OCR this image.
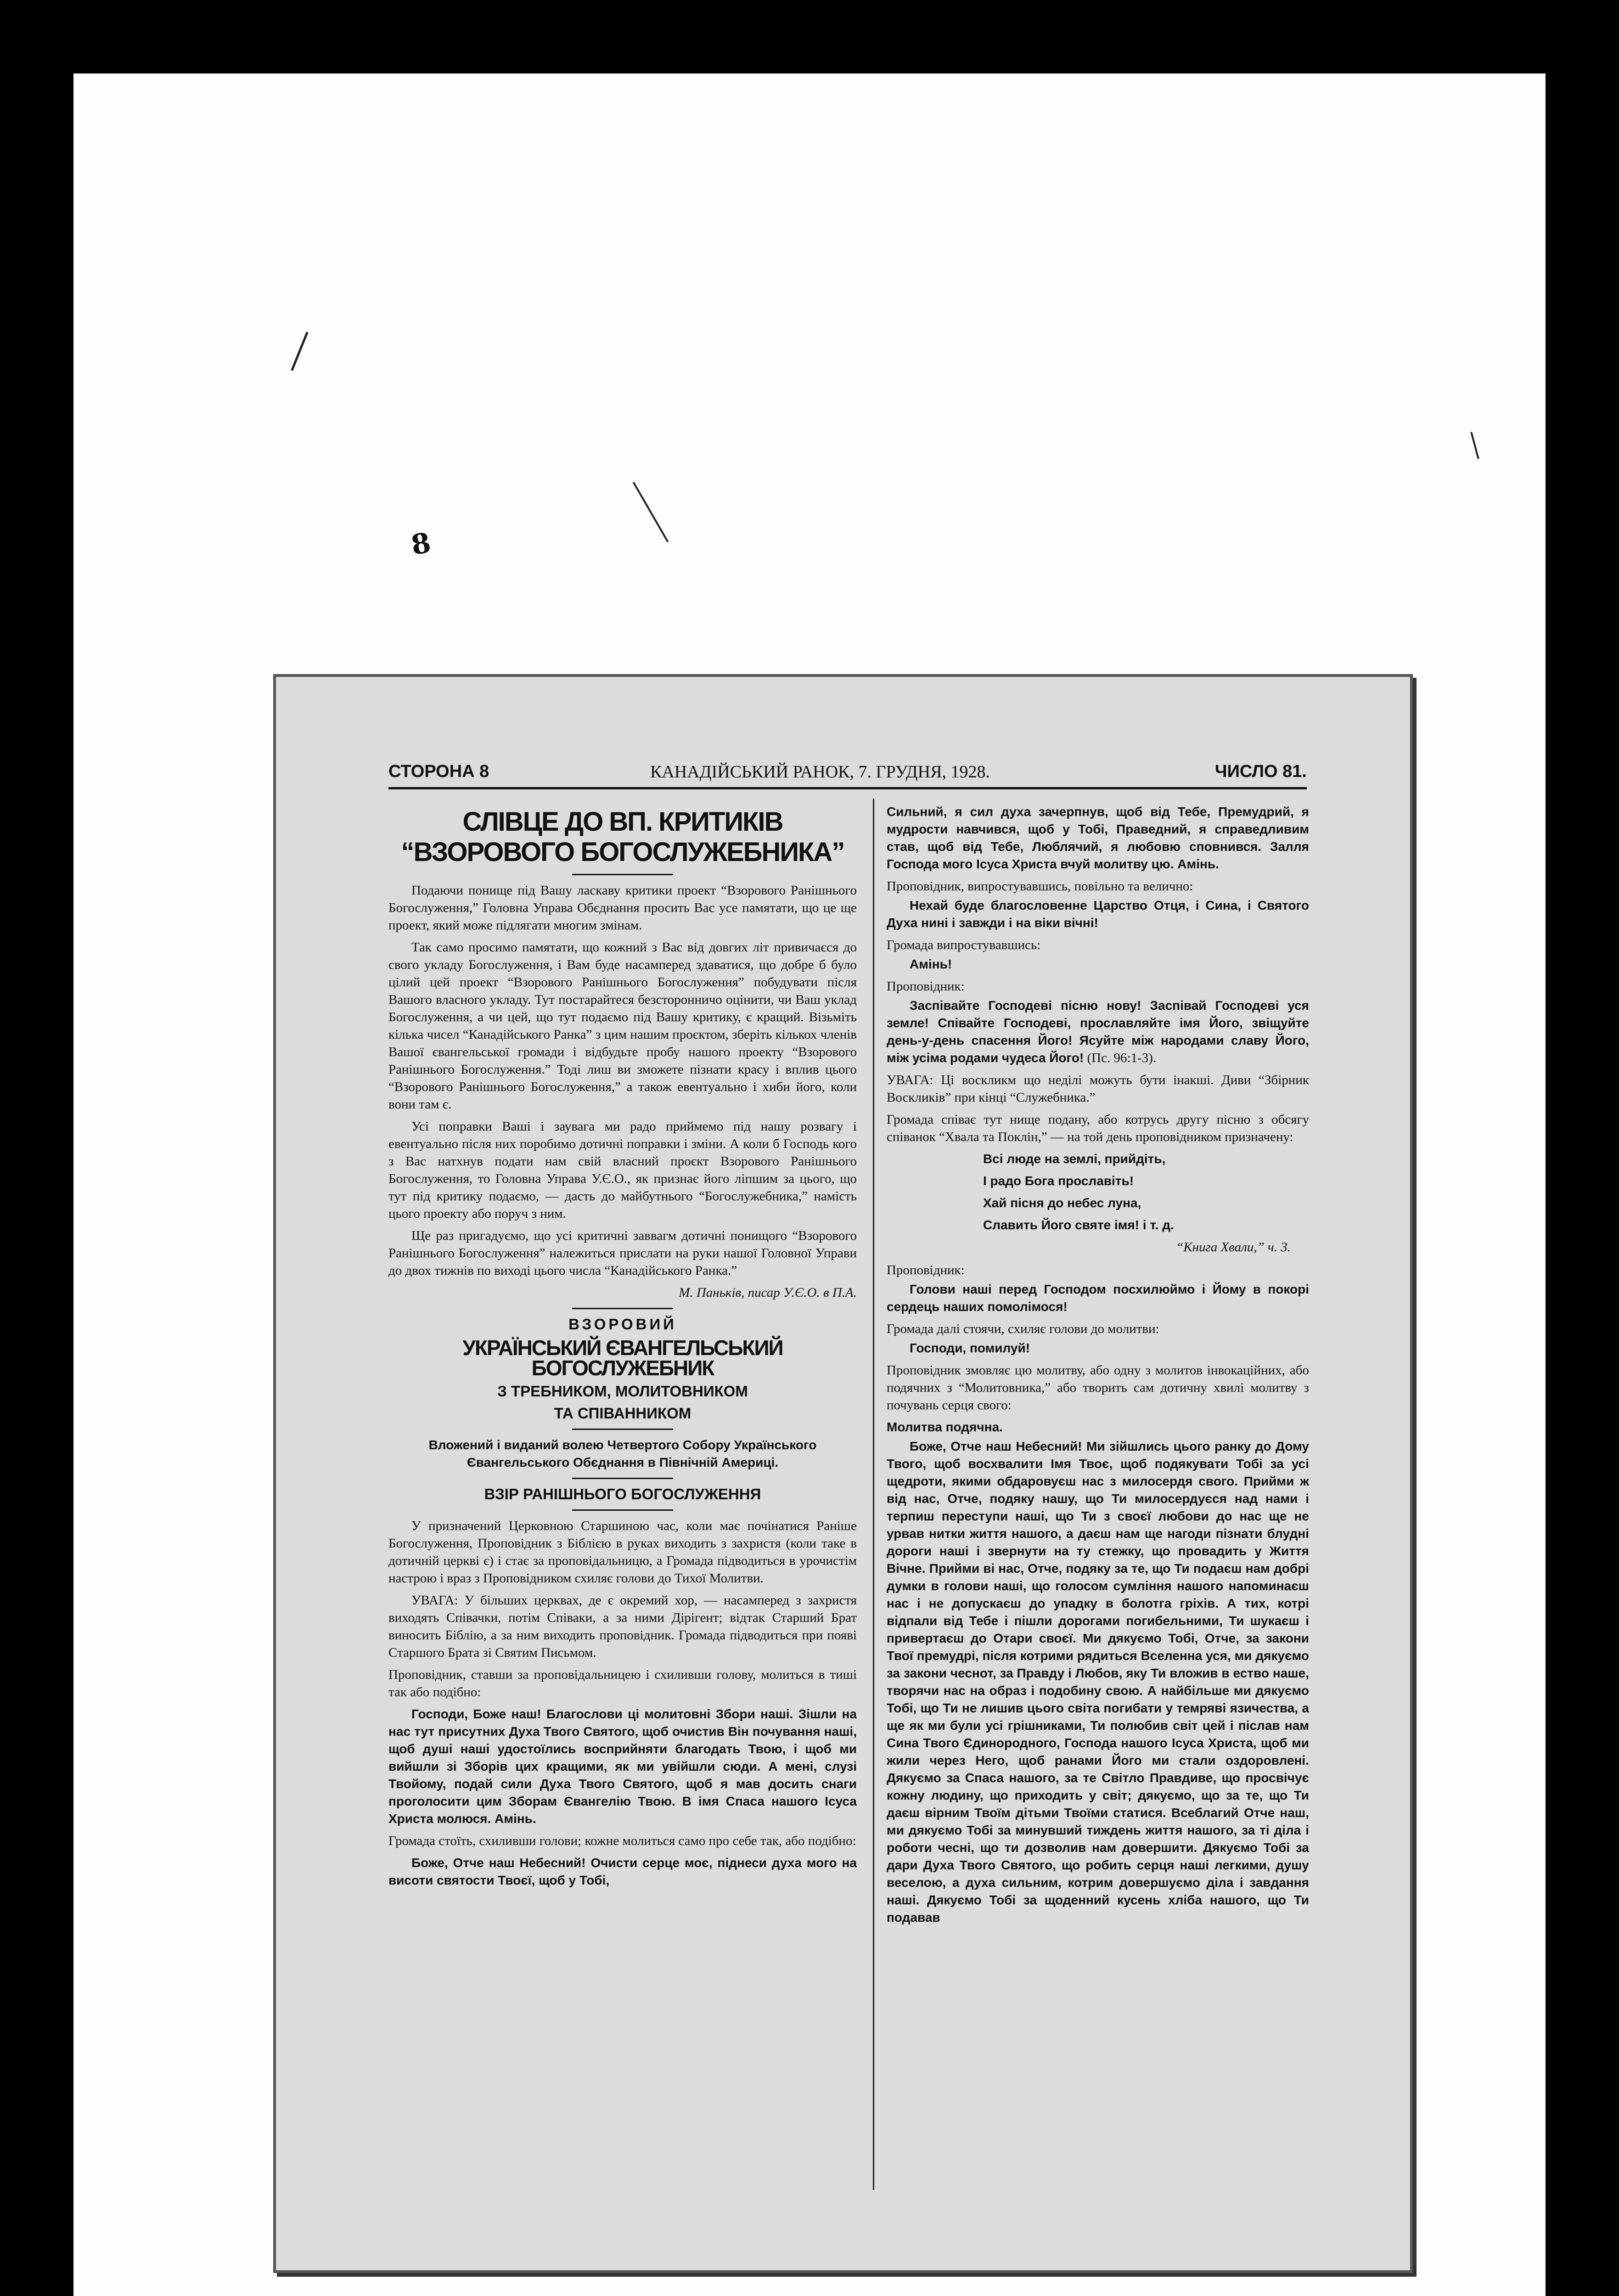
8
СТОРОНА 8	КАНАДІЙСЬКИЙ РАНОК, 7. ГРУДНЯ, 1928.	ЧИСЛО 81.
СЛІВЦЕ ДО ВП. КРИТИКІВ “ВЗОРОВОГО БОГОСЛУЖЕБНИКА”

Подаючи понище під Вашу ласкаву критики проект “Взорового Ранішнього Богослуження,” Головна Управа Обєднання просить Вас усе памятати, що це ще проект, який може підлягати многим змінам.

Так само просимо памятати, що кожний з Вас від довгих літ привичаєся до свого укладу Богослуження, і Вам буде насамперед здаватися, що добре б було цілий цей проект “Взорового Ранішнього Богослуження” побудувати після Вашого власного укладу. Тут постарайтеся безсторонничо оцінити, чи Ваш уклад Богослуження, а чи цей, що тут подаємо під Вашу критику, є кращий. Візьміть кілька чисел “Канадійського Ранка” з цим нашим проєктом, зберіть кількох членів Вашої євангельської громади і відбудьте пробу нашого проекту “Взорового Ранішнього Богослуження.” Тоді лиш ви зможете пізнати красу і вплив цього “Взорового Ранішнього Богослуження,” а також евентуально і хиби його, коли вони там є.

Усі поправки Ваші і заувага ми радо приймемо під нашу розвагу і евентуально після них поробимо дотичні поправки і зміни. А коли б Господь кого з Вас натхнув подати нам свій власний проєкт Взорового Ранішнього Богослуження, то Головна Управа У.Є.О., як признає його ліпшим за цього, що тут під критику подаємо, — дасть до майбутнього “Богослужебника,” намість цього проекту або поруч з ним.

Ще раз пригадуємо, що усі критичні заввагм дотичні понищого “Взорового Ранішнього Богослуження” належиться прислати на руки нашої Головної Управи до двох тижнів по виході цього числа “Канадійського Ранка.”

М. Паньків, писар У.Є.О. в П.А.
ВЗОРОВИЙ
УКРАЇНСЬКИЙ ЄВАНГЕЛЬСЬКИЙ БОГОСЛУЖЕБНИК
З ТРЕБНИКОМ, МОЛИТОВНИКОМ
ТА СПІВАННИКОМ

Вложений і виданий волею Четвертого Собору Українського Євангельського Обєднання в Північній Америці.

ВЗІР РАНІШНЬОГО БОГОСЛУЖЕННЯ

У призначений Церковною Старшиною час, коли має почінатися Раніше Богослуження, Проповідник з Біблією в руках виходить з захристя (коли таке в дотичній церкві є) і стає за проповідальницю, а Громада підводиться в урочистім настрою і враз з Проповідником схиляє голови до Тихої Молитви.

УВАГА: У більших церквах, де є окремий хор, — насамперед з захристя виходять Співачки, потім Співаки, а за ними Дірігент; відтак Старший Брат виносить Біблію, а за ним виходить проповідник. Громада підводиться при появі Старшого Брата зі Святим Письмом.

Проповідник, ставши за проповідальницею і схиливши голову, молиться в тиші так або подібно:

Господи, Боже наш! Благослови ці молитовні Збори наші. Зішли на нас тут присутних Духа Твого Святого, щоб очистив Він почування наші, щоб душі наші удостоїлись восприйняти благодать Твою, і щоб ми вийшли зі Зборів цих кращими, як ми увійшли сюди. А мені, слузі Твойому, подай сили Духа Твого Святого, щоб я мав досить снаги проголосити цим Зборам Євангелію Твою. В імя Спаса нашого Ісуса Христа молюся. Амінь.

Громада стоїть, схиливши голови; кожне молиться само про себе так, або подібно:

Боже, Отче наш Небесний! Очисти серце моє, піднеси духа мого на висоти святости Твоєї, щоб у Тобі,

Сильний, я сил духа зачерпнув, щоб від Тебе, Премудрий, я мудрости навчився, щоб у Тобі, Праведний, я справедливим став, щоб від Тебе, Люблячий, я любовю сповнився. Залля Господа мого Ісуса Христа вчуй молитву цю. Амінь.

Проповідник, випростувавшись, повільно та велично:

Нехай буде благословенне Царство Отця, і Сина, і Святого Духа нині і завжди і на віки вічні!

Громада випростувавшись:

Амінь!

Проповідник:

Заспівайте Господеві пісню нову! Заспівай Господеві уся земле! Співайте Господеві, прославляйте імя Його, звіщуйте день-у-день спасення Його! Ясуйте між народами славу Його, між усіма родами чудеса Його! (Пс. 96:1-3).

УВАГА: Ці воскликм що неділі можуть бути інакші. Диви “Збірник Воскликів” при кінці “Служебника.”

Громада співає тут нище подану, або котрусь другу пісню з обсягу співанок “Хвала та Поклін,” — на той день проповідником призначену:

Всі люде на землі, прийдіть,
І радо Бога прославіть!
Хай пісня до небес луна,
Славить Його святе імя! і т. д.
“Книга Хвали,” ч. 3.
Проповідник:

Голови наші перед Господом посхилюймо і Йому в покорі сердець наших помолімося!

Громада далі стоячи, схиляє голови до молитви:

Господи, помилуй!

Проповідник змовляє цю молитву, або одну з молитов інвокаційних, або подячних з “Молитовника,” або творить сам дотичну хвилі молитву з почувань серця свого:

Молитва подячна.

Боже, Отче наш Небесний! Ми зійшлись цього ранку до Дому Твого, щоб восхвалити Імя Твоє, щоб подякувати Тобі за усі щедроти, якими обдаровуєш нас з милосердя свого. Прийми ж від нас, Отче, подяку нашу, що Ти милосердуєся над нами і терпиш переступи наші, що Ти з своєї любови до нас ще не урвав нитки життя нашого, а даєш нам ще нагоди пізнати блудні дороги наші і звернути на ту стежку, що провадить у Життя Вічне. Прийми ві нас, Отче, подяку за те, що Ти подаєш нам добрі думки в голови наші, що голосом сумління нашого напоминаєш нас і не допускаєш до упадку в болотга гріхів. А тих, котрі відпали від Тебе і пішли дорогами погибельними, Ти шукаєш і привертаєш до Отари своєї. Ми дякуємо Тобі, Отче, за закони Твої премудрі, після котрими рядиться Вселенна уся, ми дякуємо за закони чеснот, за Правду і Любов, яку Ти вложив в ество наше, творячи нас на образ і подобину свою. А найбільше ми дякуємо Тобі, що Ти не лишив цього світа погибати у темряві язичества, а ще як ми були усі грішниками, Ти полюбив світ цей і післав нам Сина Твого Єдинородного, Господа нашого Ісуса Христа, щоб ми жили через Него, щоб ранами Його ми стали оздоровлені. Дякуємо за Спаса нашого, за те Світло Правдиве, що просвічує кожну людину, що приходить у світ; дякуємо, що за те, що Ти даєш вірним Твоїм дітьми Твоїми статися. Всеблагий Отче наш, ми дякуємо Тобі за минувший тиждень життя нашого, за ті діла і роботи чесні, що ти дозволив нам довершити. Дякуємо Тобі за дари Духа Твого Святого, що робить серця наші легкими, душу веселою, а духа сильним, котрим довершуємо діла і завдання наші. Дякуємо Тобі за щоденний кусень хліба нашого, що Ти подавав
